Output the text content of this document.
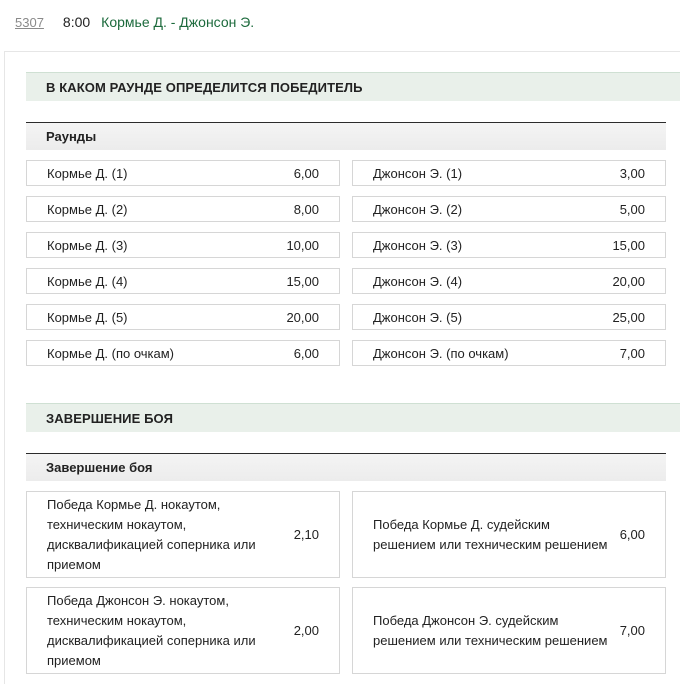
5307 8:00 Кормье Д. - Джонсон Э.
В КАКОМ РАУНДЕ ОПРЕДЕЛИТСЯ ПОБЕДИТЕЛЬ
Раунды
Кормье Д. (1)	6,00
Кормье Д. (2)	8,00
Кормье Д. (3)	10,00
Кормье Д. (4)	15,00
Кормье Д. (5)	20,00
Кормье Д. (по очкам)	6,00
Джонсон Э. (1)	3,00
Джонсон Э. (2)	5,00
Джонсон Э. (3)	15,00
Джонсон Э. (4)	20,00
Джонсон Э. (5)	25,00
Джонсон Э. (по очкам)	7,00
ЗАВЕРШЕНИЕ БОЯ
Завершение боя
Победа Кормье Д. нокаутом, техническим нокаутом, дисквалификацией соперника или приемом
2,10
Победа Кормье Д. судейским решением или техническим решением
6,00
Победа Джонсон Э. нокаутом, техническим нокаутом, дисквалификацией соперника или приемом
2,00
Победа Джонсон Э. судейским решением или техническим решением
7,00
